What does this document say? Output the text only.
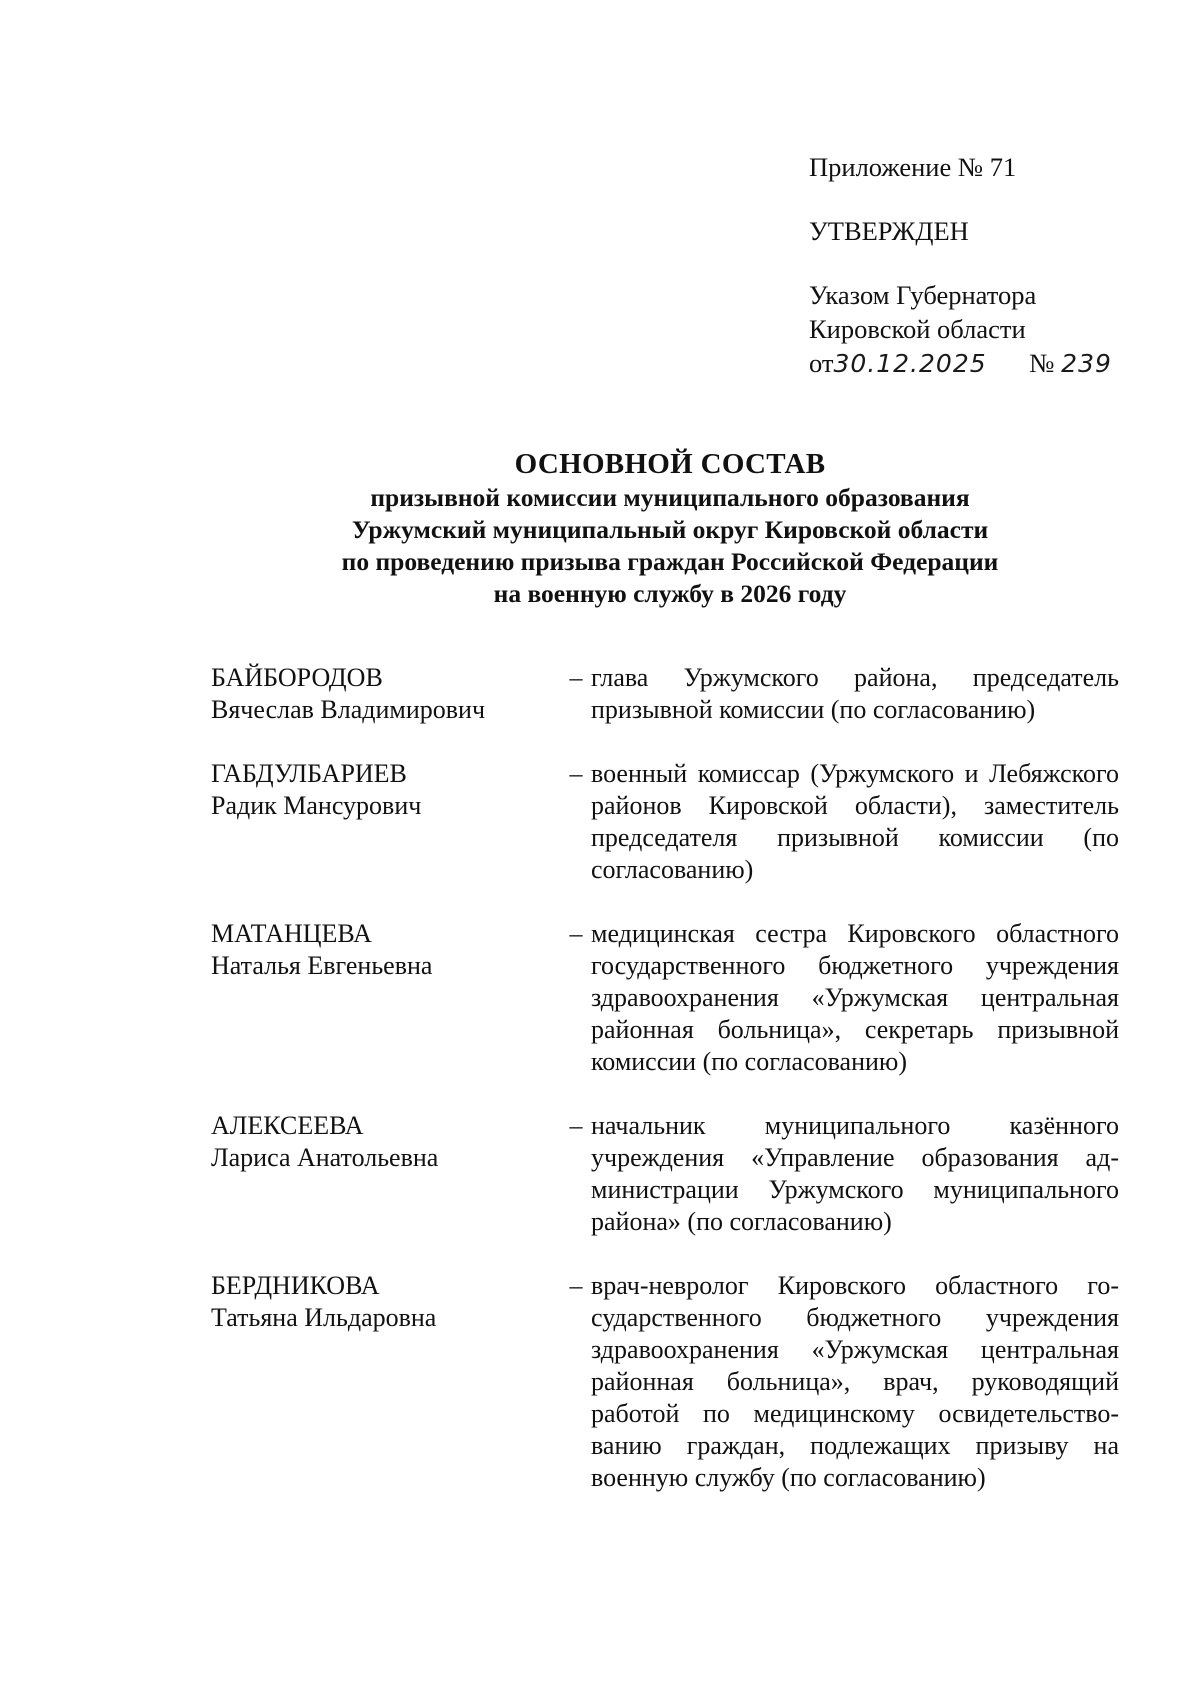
Приложение № 71
УТВЕРЖДЕН
Указом Губернатора
Кировской области
от30.12.2025 № 239
ОСНОВНОЙ СОСТАВ
призывной комиссии муниципального образования
Уржумский муниципальный округ Кировской области
по проведению призыва граждан Российской Федерации
на военную службу в 2026 году
БАЙБОРОДОВ
Вячеслав Владимирович
– глава Уржумского района, председатель призывной комиссии (по согласованию)
ГАБДУЛБАРИЕВ
Радик Мансурович
– военный комиссар (Уржумского и Лебяжского районов Кировской области), заместитель председателя призывной комиссии (по согласованию)
МАТАНЦЕВА
Наталья Евгеньевна
– медицинская сестра Кировского областного государственного бюджетного учреждения здравоохранения «Уржумская центральная районная больница», секретарь призывной комиссии (по согласованию)
АЛЕКСЕЕВА
Лариса Анатольевна
– начальник муниципального казённого учреждения «Управление образования администрации Уржумского муниципального района» (по согласованию)
БЕРДНИКОВА
Татьяна Ильдаровна
– врач-невролог Кировского областного государственного бюджетного учреждения здравоохранения «Уржумская центральная районная больница», врач, руководящий работой по медицинскому освидетельствованию граждан, подлежащих призыву на военную службу (по согласованию)
